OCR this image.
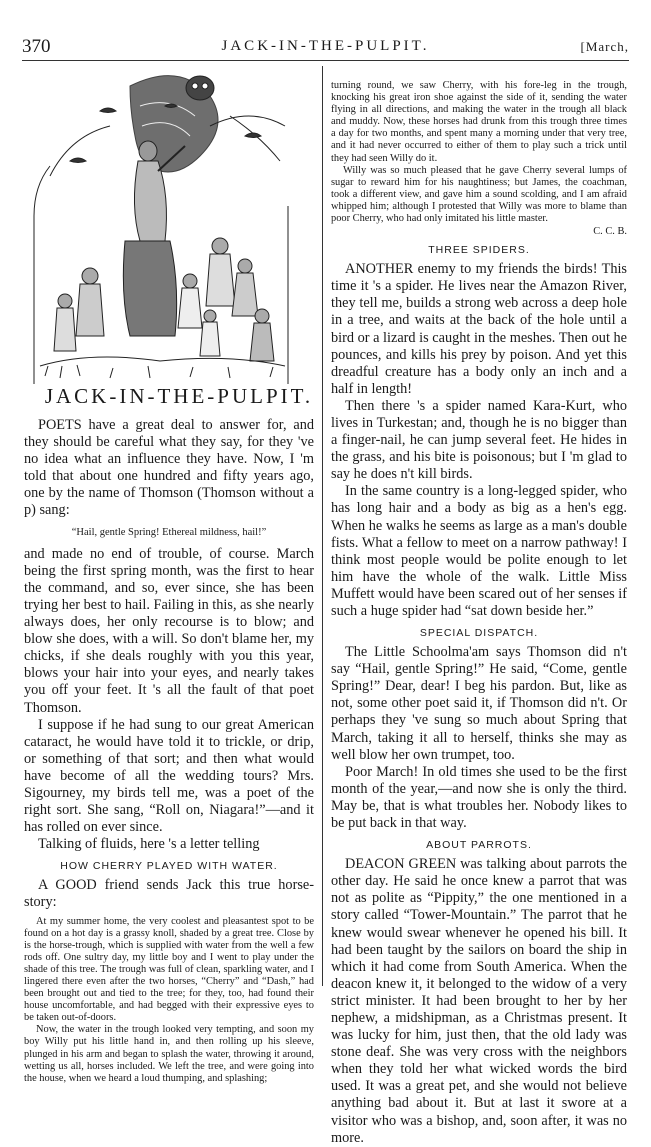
370	JACK-IN-THE-PULPIT.	[March,
JACK-IN-THE-PULPIT.

POETS have a great deal to answer for, and they should be careful what they say, for they 've no idea what an influence they have. Now, I 'm told that about one hundred and fifty years ago, one by the name of Thomson (Thomson without a p) sang:

“Hail, gentle Spring! Ethereal mildness, hail!”

and made no end of trouble, of course. March being the first spring month, was the first to hear the command, and so, ever since, she has been trying her best to hail. Failing in this, as she nearly always does, her only recourse is to blow; and blow she does, with a will. So don't blame her, my chicks, if she deals roughly with you this year, blows your hair into your eyes, and nearly takes you off your feet. It 's all the fault of that poet Thomson.

I suppose if he had sung to our great American cataract, he would have told it to trickle, or drip, or something of that sort; and then what would have become of all the wedding tours? Mrs. Sigourney, my birds tell me, was a poet of the right sort. She sang, “Roll on, Niagara!”—and it has rolled on ever since.

Talking of fluids, here 's a letter telling

HOW CHERRY PLAYED WITH WATER.

A GOOD friend sends Jack this true horse-story:

At my summer home, the very coolest and pleasantest spot to be found on a hot day is a grassy knoll, shaded by a great tree. Close by is the horse-trough, which is supplied with water from the well a few rods off. One sultry day, my little boy and I went to play under the shade of this tree. The trough was full of clean, sparkling water, and I lingered there even after the two horses, “Cherry” and “Dash,” had been brought out and tied to the tree; for they, too, had found their house uncomfortable, and had begged with their expressive eyes to be taken out-of-doors.

Now, the water in the trough looked very tempting, and soon my boy Willy put his little hand in, and then rolling up his sleeve, plunged in his arm and began to splash the water, throwing it around, wetting us all, horses included. We left the tree, and were going into the house, when we heard a loud thumping, and splashing;

turning round, we saw Cherry, with his fore-leg in the trough, knocking his great iron shoe against the side of it, sending the water flying in all directions, and making the water in the trough all black and muddy. Now, these horses had drunk from this trough three times a day for two months, and spent many a morning under that very tree, and it had never occurred to either of them to play such a trick until they had seen Willy do it.

Willy was so much pleased that he gave Cherry several lumps of sugar to reward him for his naughtiness; but James, the coachman, took a different view, and gave him a sound scolding, and I am afraid whipped him; although I protested that Willy was more to blame than poor Cherry, who had only imitated his little master.

C. C. B.
THREE SPIDERS.

ANOTHER enemy to my friends the birds! This time it 's a spider. He lives near the Amazon River, they tell me, builds a strong web across a deep hole in a tree, and waits at the back of the hole until a bird or a lizard is caught in the meshes. Then out he pounces, and kills his prey by poison. And yet this dreadful creature has a body only an inch and a half in length!

Then there 's a spider named Kara-Kurt, who lives in Turkestan; and, though he is no bigger than a finger-nail, he can jump several feet. He hides in the grass, and his bite is poisonous; but I 'm glad to say he does n't kill birds.

In the same country is a long-legged spider, who has long hair and a body as big as a hen's egg. When he walks he seems as large as a man's double fists. What a fellow to meet on a narrow pathway! I think most people would be polite enough to let him have the whole of the walk. Little Miss Muffett would have been scared out of her senses if such a huge spider had “sat down beside her.”

SPECIAL DISPATCH.

The Little Schoolma'am says Thomson did n't say “Hail, gentle Spring!” He said, “Come, gentle Spring!” Dear, dear! I beg his pardon. But, like as not, some other poet said it, if Thomson did n't. Or perhaps they 've sung so much about Spring that March, taking it all to herself, thinks she may as well blow her own trumpet, too.

Poor March! In old times she used to be the first month of the year,—and now she is only the third. May be, that is what troubles her. Nobody likes to be put back in that way.

ABOUT PARROTS.

DEACON GREEN was talking about parrots the other day. He said he once knew a parrot that was not as polite as “Pippity,” the one mentioned in a story called “Tower-Mountain.” The parrot that he knew would swear whenever he opened his bill. It had been taught by the sailors on board the ship in which it had come from South America. When the deacon knew it, it belonged to the widow of a very strict minister. It had been brought to her by her nephew, a midshipman, as a Christmas present. It was lucky for him, just then, that the old lady was stone deaf. She was very cross with the neighbors when they told her what wicked words the bird used. It was a great pet, and she would not believe anything bad about it. But at last it swore at a visitor who was a bishop, and, soon after, it was no more.
